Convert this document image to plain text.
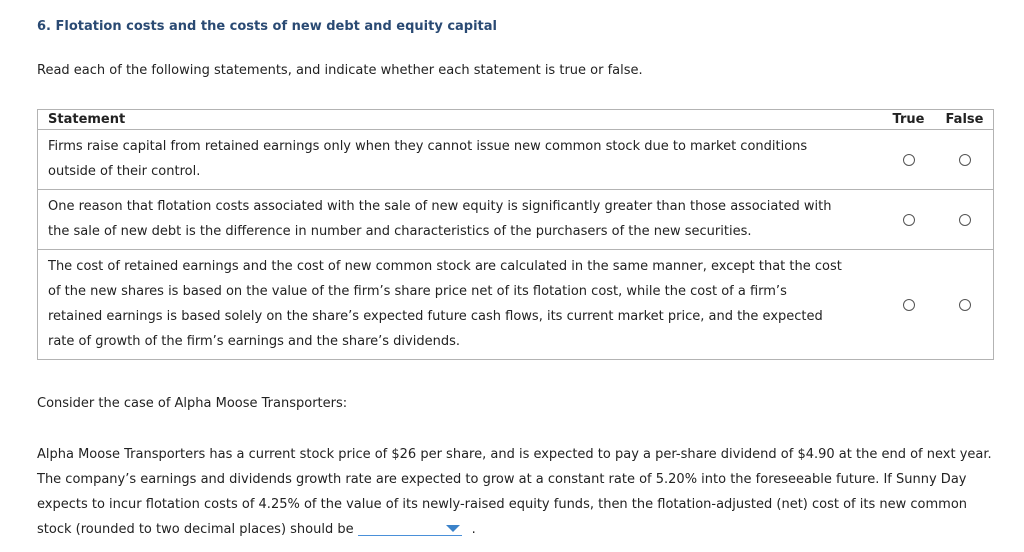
6. Flotation costs and the costs of new debt and equity capital

Read each of the following statements, and indicate whether each statement is true or false.

Statement	True	False
Firms raise capital from retained earnings only when they cannot issue new common stock due to market conditions outside of their control.		
One reason that flotation costs associated with the sale of new equity is significantly greater than those associated with the sale of new debt is the difference in number and characteristics of the purchasers of the new securities.		
The cost of retained earnings and the cost of new common stock are calculated in the same manner, except that the cost of the new shares is based on the value of the firm’s share price net of its flotation cost, while the cost of a firm’s retained earnings is based solely on the share’s expected future cash flows, its current market price, and the expected rate of growth of the firm’s earnings and the share’s dividends.		

Consider the case of Alpha Moose Transporters:

Alpha Moose Transporters has a current stock price of $26 per share, and is expected to pay a per-share dividend of $4.90 at the end of next year. The company’s earnings and dividends growth rate are expected to grow at a constant rate of 5.20% into the foreseeable future. If Sunny Day expects to incur flotation costs of 4.25% of the value of its newly-raised equity funds, then the flotation-adjusted (net) cost of its new common stock (rounded to two decimal places) should be	.
